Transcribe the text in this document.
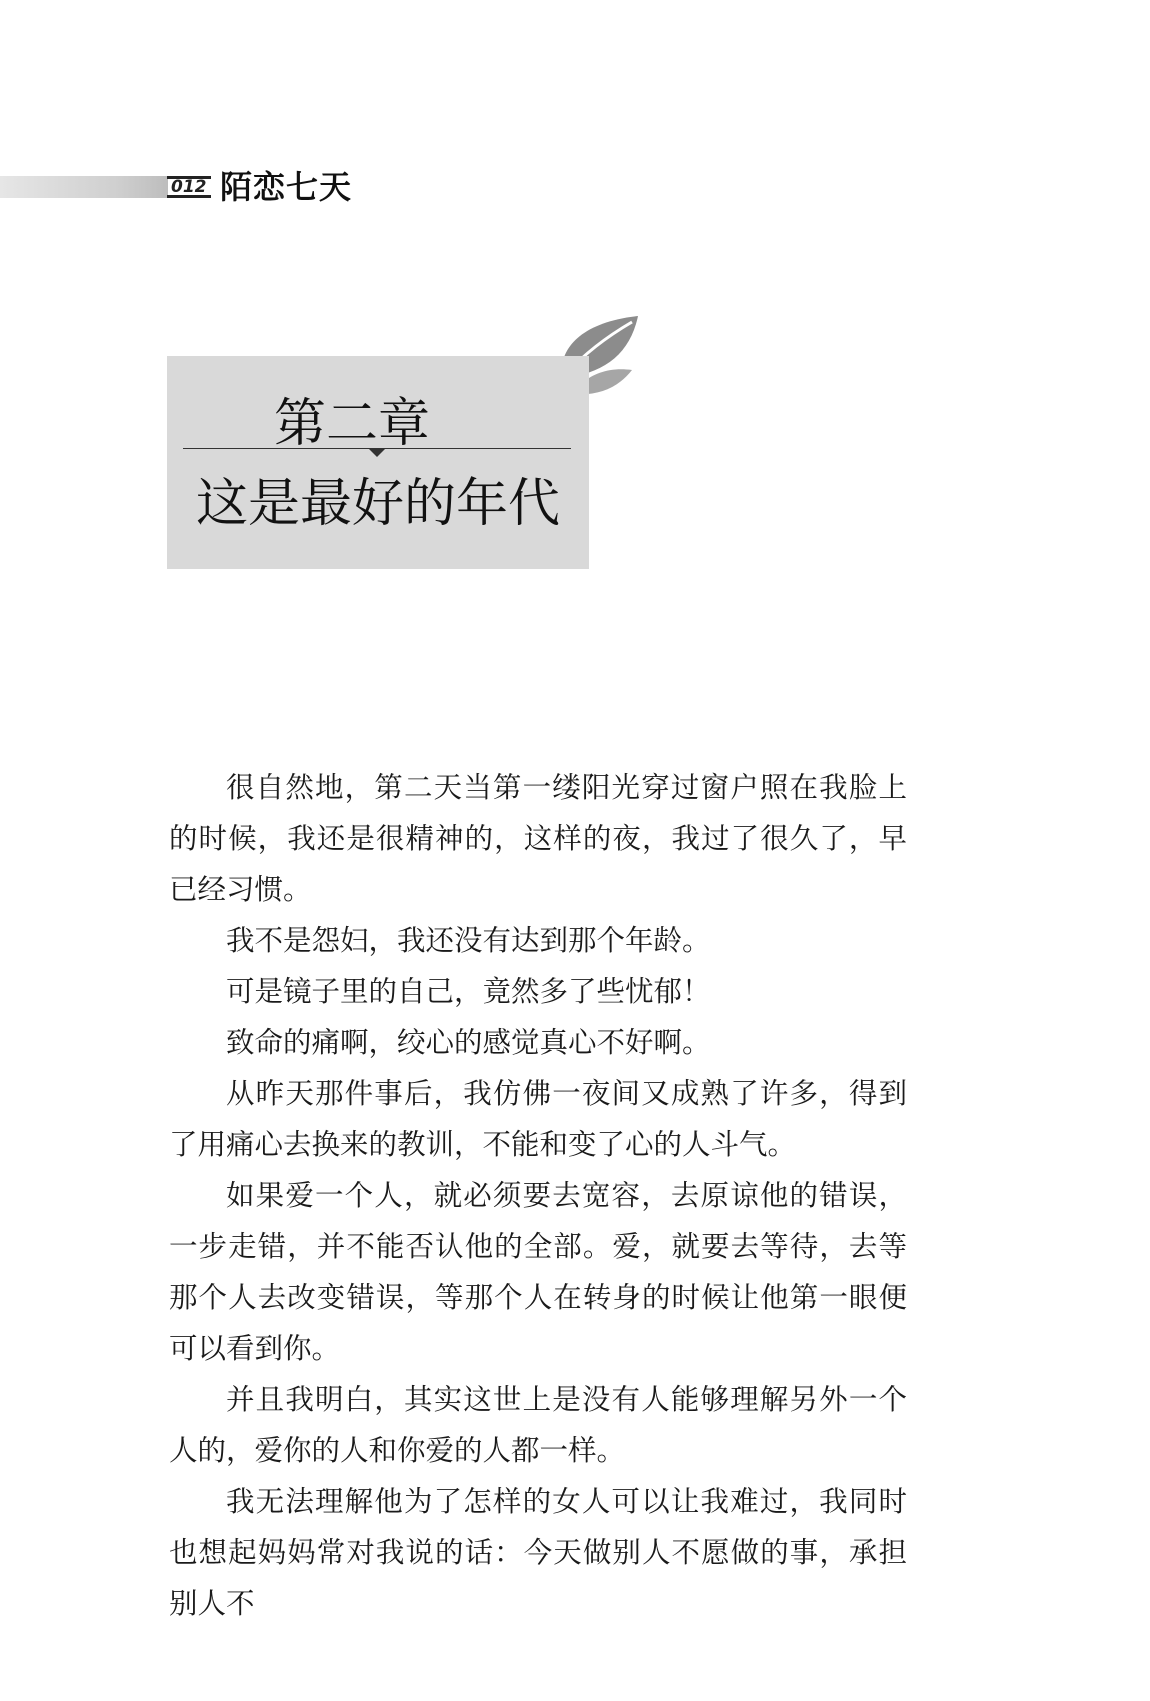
012 陌恋七天
第二章
这是最好的年代

很自然地，第二天当第一缕阳光穿过窗户照在我脸上的时候，我还是很精神的，这样的夜，我过了很久了，早已经习惯。

我不是怨妇，我还没有达到那个年龄。

可是镜子里的自己，竟然多了些忧郁！

致命的痛啊，绞心的感觉真心不好啊。

从昨天那件事后，我仿佛一夜间又成熟了许多，得到了用痛心去换来的教训，不能和变了心的人斗气。

如果爱一个人，就必须要去宽容，去原谅他的错误，一步走错，并不能否认他的全部。爱，就要去等待，去等那个人去改变错误，等那个人在转身的时候让他第一眼便可以看到你。

并且我明白，其实这世上是没有人能够理解另外一个人的，爱你的人和你爱的人都一样。

我无法理解他为了怎样的女人可以让我难过，我同时也想起妈妈常对我说的话：今天做别人不愿做的事，承担别人不
